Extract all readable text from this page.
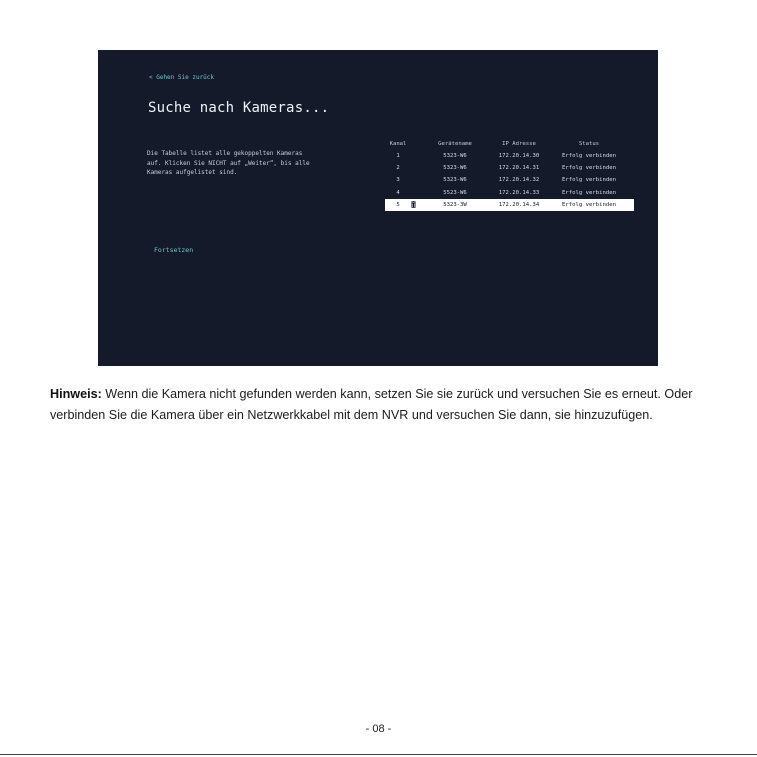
< Gehen Sie zurück
Suche nach Kameras...
Die Tabelle listet alle gekoppelten Kameras auf. Klicken Sie NICHT auf „Weiter“, bis alle Kameras aufgelistet sind.
Fortsetzen
Kanal	Gerätename	IP Adresse	Status
1	5323-W6	172.20.14.30	Erfolg verbinden
2	5323-W6	172.20.14.31	Erfolg verbinden
3	5323-W6	172.20.14.32	Erfolg verbinden
4	5523-W6	172.20.14.33	Erfolg verbinden
5	5323-3W	172.20.14.34	Erfolg verbinden

Hinweis: Wenn die Kamera nicht gefunden werden kann, setzen Sie sie zurück und versuchen Sie es erneut. Oder verbinden Sie die Kamera über ein Netzwerkkabel mit dem NVR und versuchen Sie dann, sie hinzuzufügen.

- 08 -
